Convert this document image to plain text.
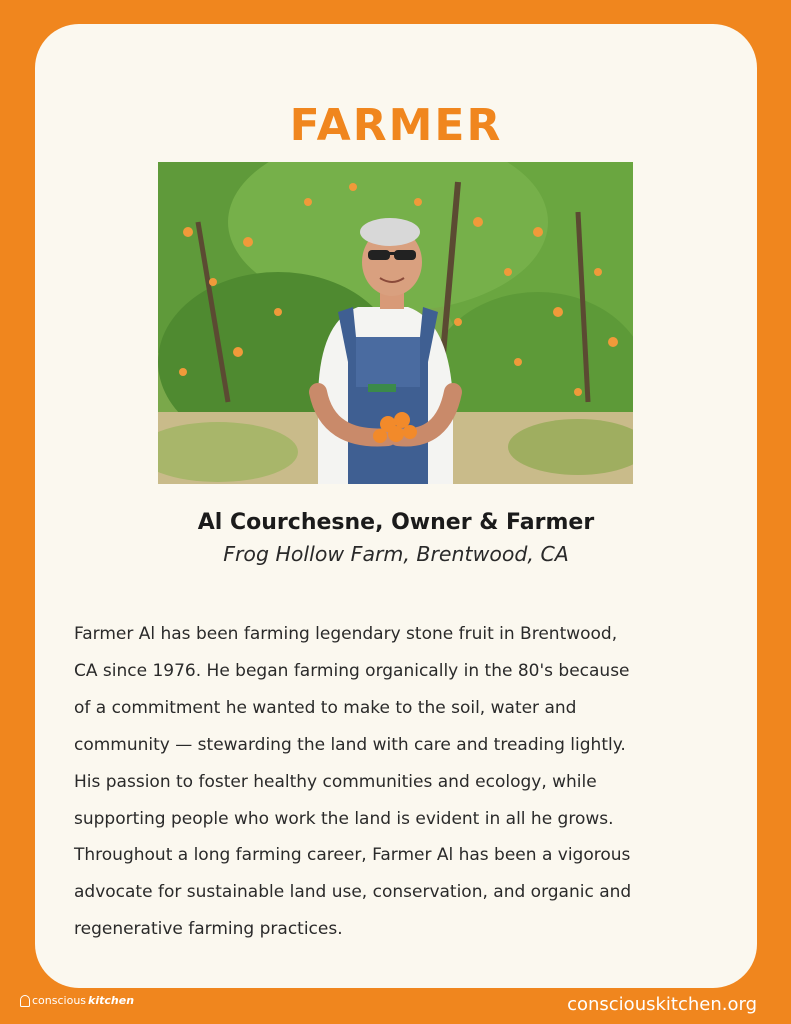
FARMER
Al Courchesne, Owner & Farmer
Frog Hollow Farm, Brentwood, CA

Farmer Al has been farming legendary stone fruit in Brentwood,
CA since 1976. He began farming organically in the 80's because
of a commitment he wanted to make to the soil, water and
community — stewarding the land with care and treading lightly.
His passion to foster healthy communities and ecology, while
supporting people who work the land is evident in all he grows.
Throughout a long farming career, Farmer Al has been a vigorous
advocate for sustainable land use, conservation, and organic and
regenerative farming practices.

conscious kitchen	consciouskitchen.org
